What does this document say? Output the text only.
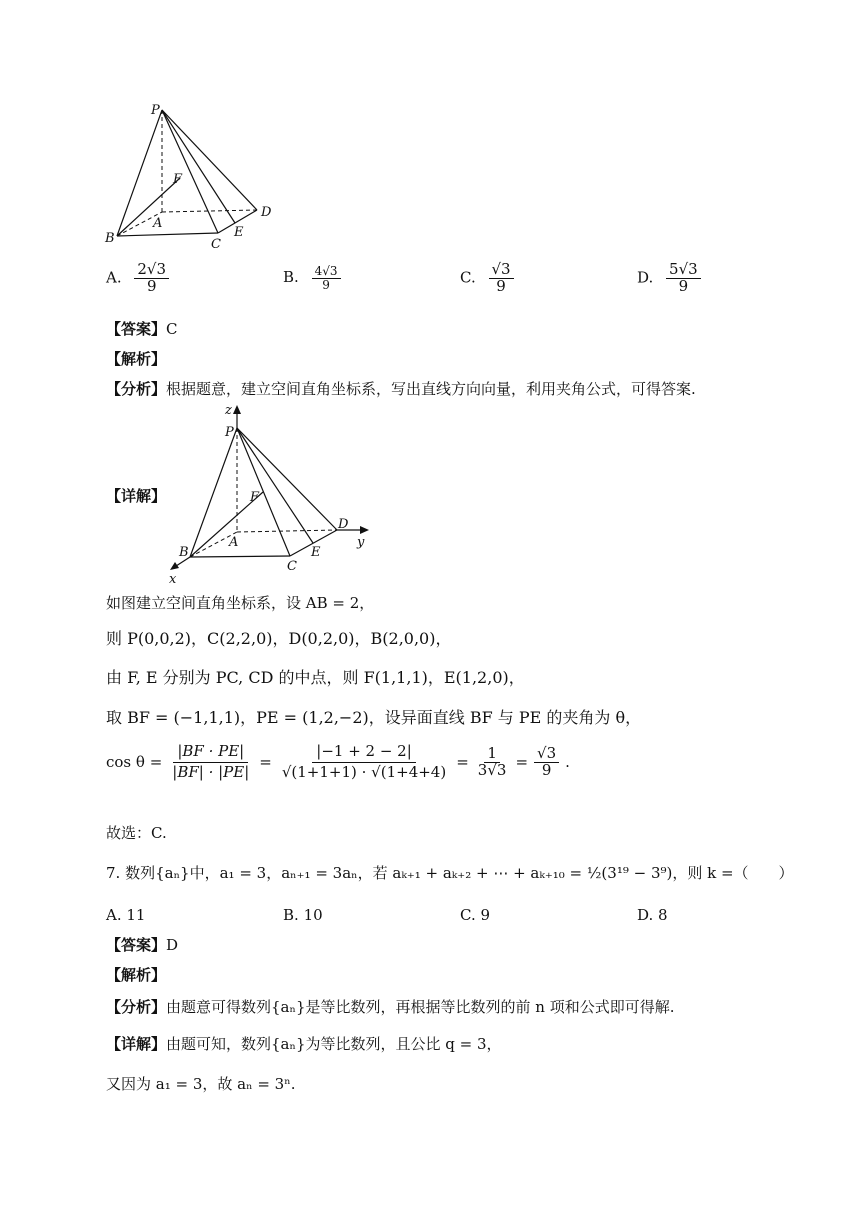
P
F
A
D
B	C
E
A. $\frac{2√3}{9}$	B. $\frac{4√3}{9}$	C. $\frac{√3}{9}$	D. $\frac{5√3}{9}$
【答案】C
【解析】
【分析】根据题意，建立空间直角坐标系，写出直线方向向量，利用夹角公式，可得答案.
【详解】
z
P
F
A
D
B
C
E
x
y
如图建立空间直角坐标系，设 AB = 2，
则 P(0,0,2)，C(2,2,0)，D(0,2,0)，B(2,0,0)，
由 F, E 分别为 PC, CD 的中点，则 F(1,1,1)，E(1,2,0)，
取 BF = (−1,1,1)，PE = (1,2,−2)，设异面直线 BF 与 PE 的夹角为 θ，
$\cos \theta = \frac{|BF \cdot PE|}{|BF| \cdot |PE|} = \frac{|-1 + 2 - 2|}{√(1+1+1) \cdot √(1+4+4)} = \frac{1}{3√3} = \frac{√3}{9}$ .
故选：C.
7. 数列{aₙ}中，a₁ = 3，aₙ₊₁ = 3aₙ，若 aₖ₊₁ + aₖ₊₂ + ⋯ + aₖ₊₁₀ = ½(3¹⁹ − 3⁹)，则 k =（　　）
A. 11	B. 10	C. 9	D. 8
【答案】D
【解析】
【分析】由题意可得数列{aₙ}是等比数列，再根据等比数列的前 n 项和公式即可得解.
【详解】由题可知，数列{aₙ}为等比数列，且公比 q = 3，
又因为 a₁ = 3，故 aₙ = 3ⁿ.
